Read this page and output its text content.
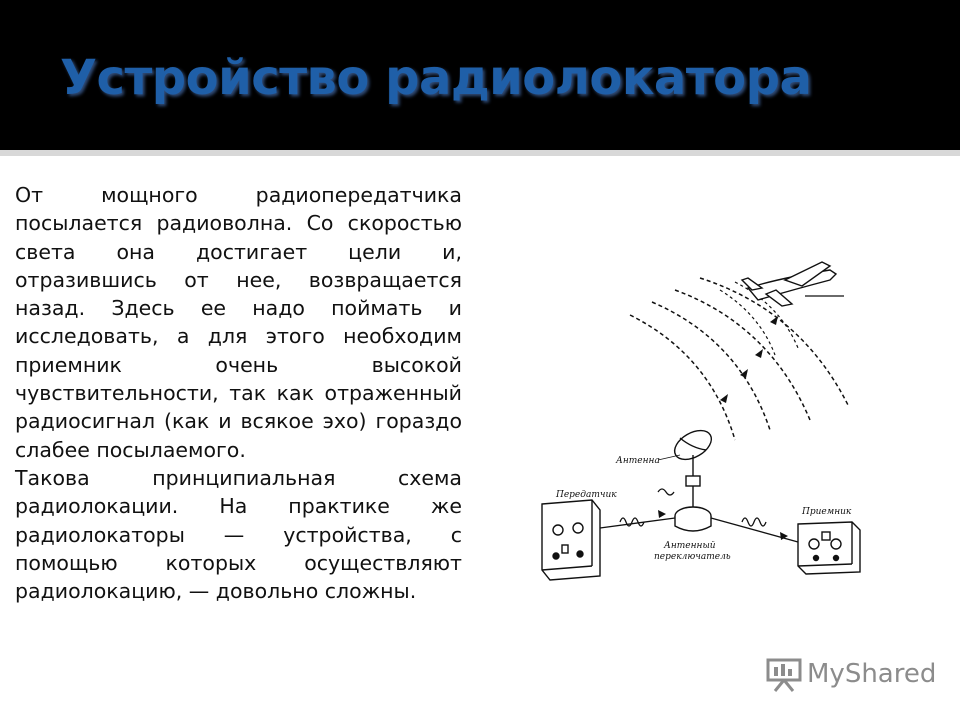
Устройство радиолокатора

От мощного радиопередатчика посылается радиоволна. Со скоростью света она достигает цели и, отразившись от нее, возвращается назад. Здесь ее надо поймать и исследовать, а для этого необходим приемник очень высокой чувствительности, так как отраженный радиосигнал (как и всякое эхо) гораздо слабее посылаемого.

Такова принципиальная схема радиолокации. На практике же радиолокаторы — устройства, с помощью которых осуществляют радиолокацию, — довольно сложны.

Антенна
Передатчик
Антенный
переключатель
Приемник
MyShared
